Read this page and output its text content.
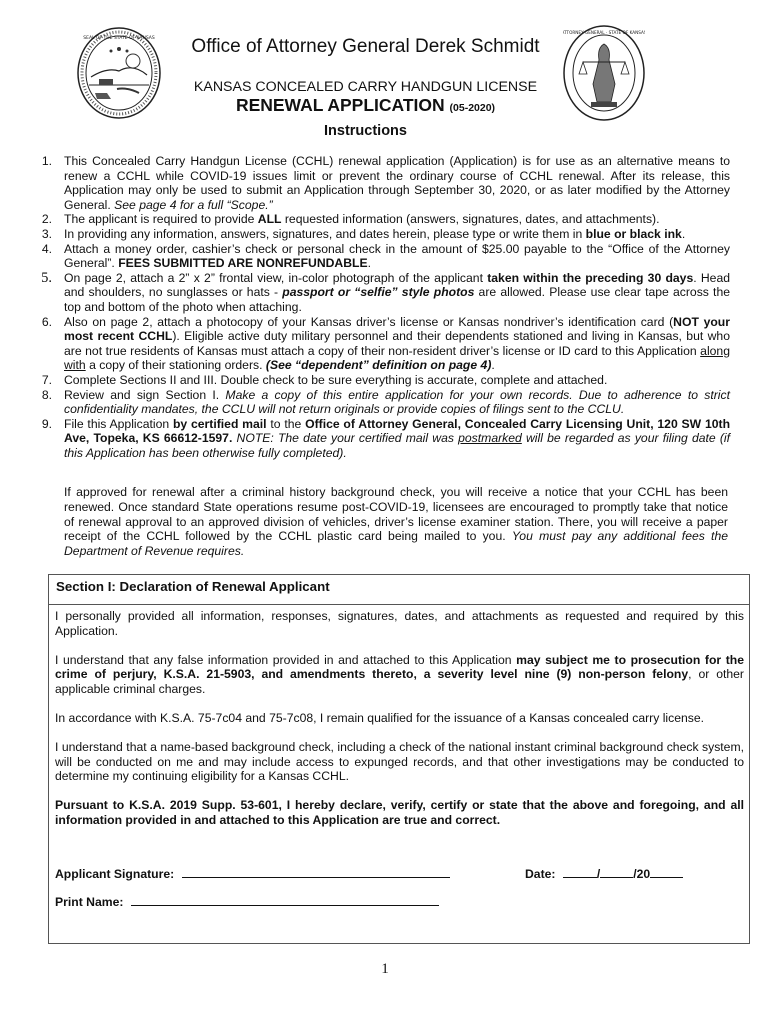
SEAL OF THE STATE OF KANSAS
ATTORNEY GENERAL · STATE OF KANSAS
Office of Attorney General Derek Schmidt
KANSAS CONCEALED CARRY HANDGUN LICENSE
RENEWAL APPLICATION (05-2020)
Instructions
1. This Concealed Carry Handgun License (CCHL) renewal application (Application) is for use as an alternative means to renew a CCHL while COVID-19 issues limit or prevent the ordinary course of CCHL renewal. After its release, this Application may only be used to submit an Application through September 30, 2020, or as later modified by the Attorney General. See page 4 for a full “Scope.”
2. The applicant is required to provide ALL requested information (answers, signatures, dates, and attachments).
3. In providing any information, answers, signatures, and dates herein, please type or write them in blue or black ink.
4. Attach a money order, cashier’s check or personal check in the amount of $25.00 payable to the “Office of the Attorney General”. FEES SUBMITTED ARE NONREFUNDABLE.
5. On page 2, attach a 2” x 2” frontal view, in-color photograph of the applicant taken within the preceding 30 days. Head and shoulders, no sunglasses or hats - passport or “selfie” style photos are allowed. Please use clear tape across the top and bottom of the photo when attaching.
6. Also on page 2, attach a photocopy of your Kansas driver’s license or Kansas nondriver’s identification card (NOT your most recent CCHL). Eligible active duty military personnel and their dependents stationed and living in Kansas, but who are not true residents of Kansas must attach a copy of their non-resident driver’s license or ID card to this Application along with a copy of their stationing orders. (See “dependent” definition on page 4).
7. Complete Sections II and III. Double check to be sure everything is accurate, complete and attached.
8. Review and sign Section I. Make a copy of this entire application for your own records. Due to adherence to strict confidentiality mandates, the CCLU will not return originals or provide copies of filings sent to the CCLU.
9. File this Application by certified mail to the Office of Attorney General, Concealed Carry Licensing Unit, 120 SW 10th Ave, Topeka, KS 66612-1597. NOTE: The date your certified mail was postmarked will be regarded as your filing date (if this Application has been otherwise fully completed).
If approved for renewal after a criminal history background check, you will receive a notice that your CCHL has been renewed. Once standard State operations resume post-COVID-19, licensees are encouraged to promptly take that notice of renewal approval to an approved division of vehicles, driver’s license examiner station. There, you will receive a paper receipt of the CCHL followed by the CCHL plastic card being mailed to you. You must pay any additional fees the Department of Revenue requires.
Section I: Declaration of Renewal Applicant

I personally provided all information, responses, signatures, dates, and attachments as requested and required by this Application.

I understand that any false information provided in and attached to this Application may subject me to prosecution for the crime of perjury, K.S.A. 21-5903, and amendments thereto, a severity level nine (9) non-person felony, or other applicable criminal charges.

In accordance with K.S.A. 75-7c04 and 75-7c08, I remain qualified for the issuance of a Kansas concealed carry license.

I understand that a name-based background check, including a check of the national instant criminal background check system, will be conducted on me and may include access to expunged records, and that other investigations may be conducted to determine my continuing eligibility for a Kansas CCHL.

Pursuant to K.S.A. 2019 Supp. 53-601, I hereby declare, verify, certify or state that the above and foregoing, and all information provided in and attached to this Application are true and correct.

Applicant Signature:	Date:	/	/20
Print Name:
1
